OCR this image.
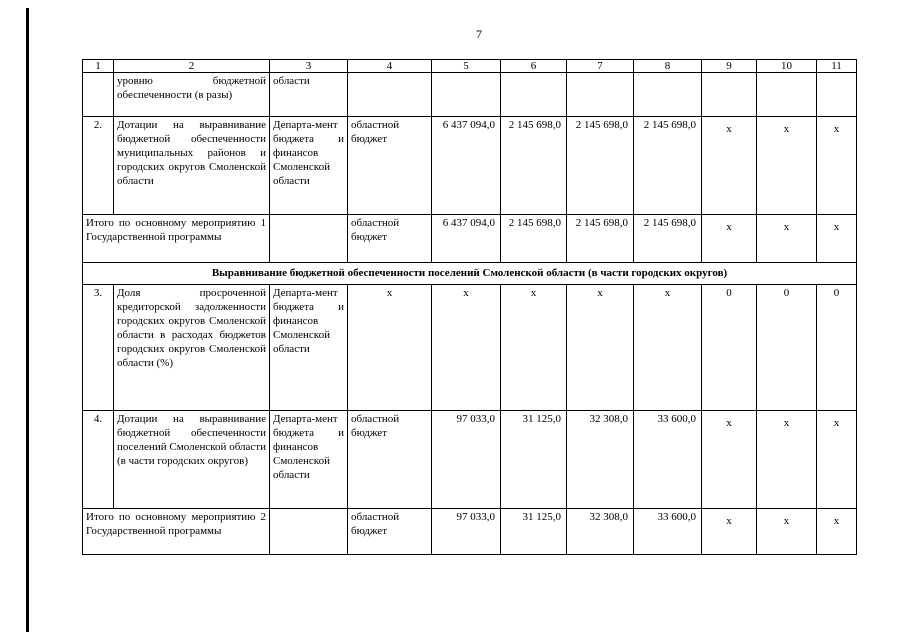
7
1	2	3	4	5	6	7	8	9	10	11
	уровню бюджетной обеспеченности (в разы)	области								
2.	Дотации на выравнивание бюджетной обеспеченности муниципальных районов и городских округов Смоленской области	Департа-мент бюджета и финансов Смоленской области	областной бюджет	6 437 094,0	2 145 698,0	2 145 698,0	2 145 698,0	x	x	x
Итого по основному мероприятию 1 Государственной программы			областной бюджет	6 437 094,0	2 145 698,0	2 145 698,0	2 145 698,0	x	x	x
Выравнивание бюджетной обеспеченности поселений Смоленской области (в части городских округов)										
3.	Доля просроченной кредиторской задолженности городских округов Смоленской области в расходах бюджетов городских округов Смоленской области (%)	Департа-мент бюджета и финансов Смоленской области	x	x	x	x	x	0	0	0
4.	Дотации на выравнивание бюджетной обеспеченности поселений Смоленской области (в части городских округов)	Департа-мент бюджета и финансов Смоленской области	областной бюджет	97 033,0	31 125,0	32 308,0	33 600,0	x	x	x
Итого по основному мероприятию 2 Государственной программы			областной бюджет	97 033,0	31 125,0	32 308,0	33 600,0	x	x	x
